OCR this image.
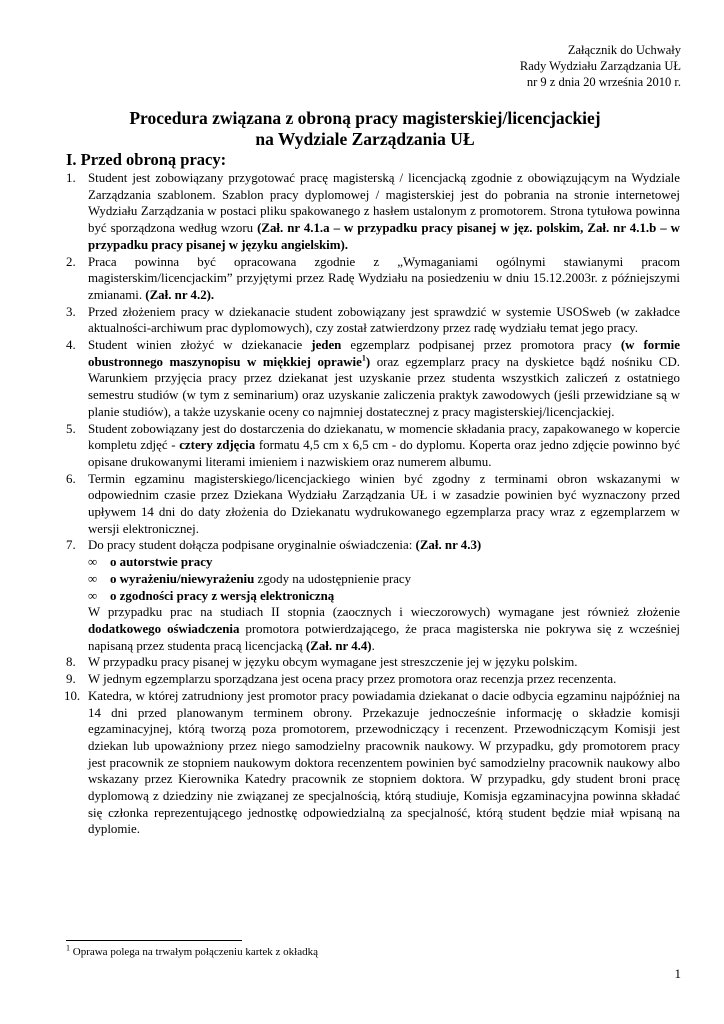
Załącznik do Uchwały
Rady Wydziału Zarządzania UŁ
nr 9 z dnia 20 września 2010 r.
Procedura związana z obroną pracy magisterskiej/licencjackiej
na Wydziale Zarządzania UŁ
I. Przed obroną pracy:
1. Student jest zobowiązany przygotować pracę magisterską / licencjacką zgodnie z obowiązującym na Wydziale Zarządzania szablonem. Szablon pracy dyplomowej / magisterskiej jest do pobrania na stronie internetowej Wydziału Zarządzania w postaci pliku spakowanego z hasłem ustalonym z promotorem. Strona tytułowa powinna być sporządzona według wzoru (Zał. nr 4.1.a – w przypadku pracy pisanej w jęz. polskim, Zał. nr 4.1.b – w przypadku pracy pisanej w języku angielskim).
2. Praca powinna być opracowana zgodnie z „Wymaganiami ogólnymi stawianymi pracom magisterskim/licencjackim” przyjętymi przez Radę Wydziału na posiedzeniu w dniu 15.12.2003r. z późniejszymi zmianami. (Zał. nr 4.2).
3. Przed złożeniem pracy w dziekanacie student zobowiązany jest sprawdzić w systemie USOSweb (w zakładce aktualności-archiwum prac dyplomowych), czy został zatwierdzony przez radę wydziału temat jego pracy.
4. Student winien złożyć w dziekanacie jeden egzemplarz podpisanej przez promotora pracy (w formie obustronnego maszynopisu w miękkiej oprawie$^1$) oraz egzemplarz pracy na dyskietce bądź nośniku CD. Warunkiem przyjęcia pracy przez dziekanat jest uzyskanie przez studenta wszystkich zaliczeń z ostatniego semestru studiów (w tym z seminarium) oraz uzyskanie zaliczenia praktyk zawodowych (jeśli przewidziane są w planie studiów), a także uzyskanie oceny co najmniej dostatecznej z pracy magisterskiej/licencjackiej.
5. Student zobowiązany jest do dostarczenia do dziekanatu, w momencie składania pracy, zapakowanego w kopercie kompletu zdjęć - cztery zdjęcia formatu 4,5 cm x 6,5 cm - do dyplomu. Koperta oraz jedno zdjęcie powinno być opisane drukowanymi literami imieniem i nazwiskiem oraz numerem albumu.
6. Termin egzaminu magisterskiego/licencjackiego winien być zgodny z terminami obron wskazanymi w odpowiednim czasie przez Dziekana Wydziału Zarządzania UŁ i w zasadzie powinien być wyznaczony przed upływem 14 dni do daty złożenia do Dziekanatu wydrukowanego egzemplarza pracy wraz z egzemplarzem w wersji elektronicznej.
7. Do pracy student dołącza podpisane oryginalnie oświadczenia: (Zał. nr 4.3)
∞ o autorstwie pracy
∞ o wyrażeniu/niewyrażeniu zgody na udostępnienie pracy
∞ o zgodności pracy z wersją elektroniczną
W przypadku prac na studiach II stopnia (zaocznych i wieczorowych) wymagane jest również złożenie dodatkowego oświadczenia promotora potwierdzającego, że praca magisterska nie pokrywa się z wcześniej napisaną przez studenta pracą licencjacką (Zał. nr 4.4).
8. W przypadku pracy pisanej w języku obcym wymagane jest streszczenie jej w języku polskim.
9. W jednym egzemplarzu sporządzana jest ocena pracy przez promotora oraz recenzja przez recenzenta.
10. Katedra, w której zatrudniony jest promotor pracy powiadamia dziekanat o dacie odbycia egzaminu najpóźniej na 14 dni przed planowanym terminem obrony. Przekazuje jednocześnie informację o składzie komisji egzaminacyjnej, którą tworzą poza promotorem, przewodniczący i recenzent. Przewodniczącym Komisji jest dziekan lub upoważniony przez niego samodzielny pracownik naukowy. W przypadku, gdy promotorem pracy jest pracownik ze stopniem naukowym doktora recenzentem powinien być samodzielny pracownik naukowy albo wskazany przez Kierownika Katedry pracownik ze stopniem doktora. W przypadku, gdy student broni pracę dyplomową z dziedziny nie związanej ze specjalnością, którą studiuje, Komisja egzaminacyjna powinna składać się członka reprezentującego jednostkę odpowiedzialną za specjalność, którą student będzie miał wpisaną na dyplomie.
$^1$ Oprawa polega na trwałym połączeniu kartek z okładką
1
